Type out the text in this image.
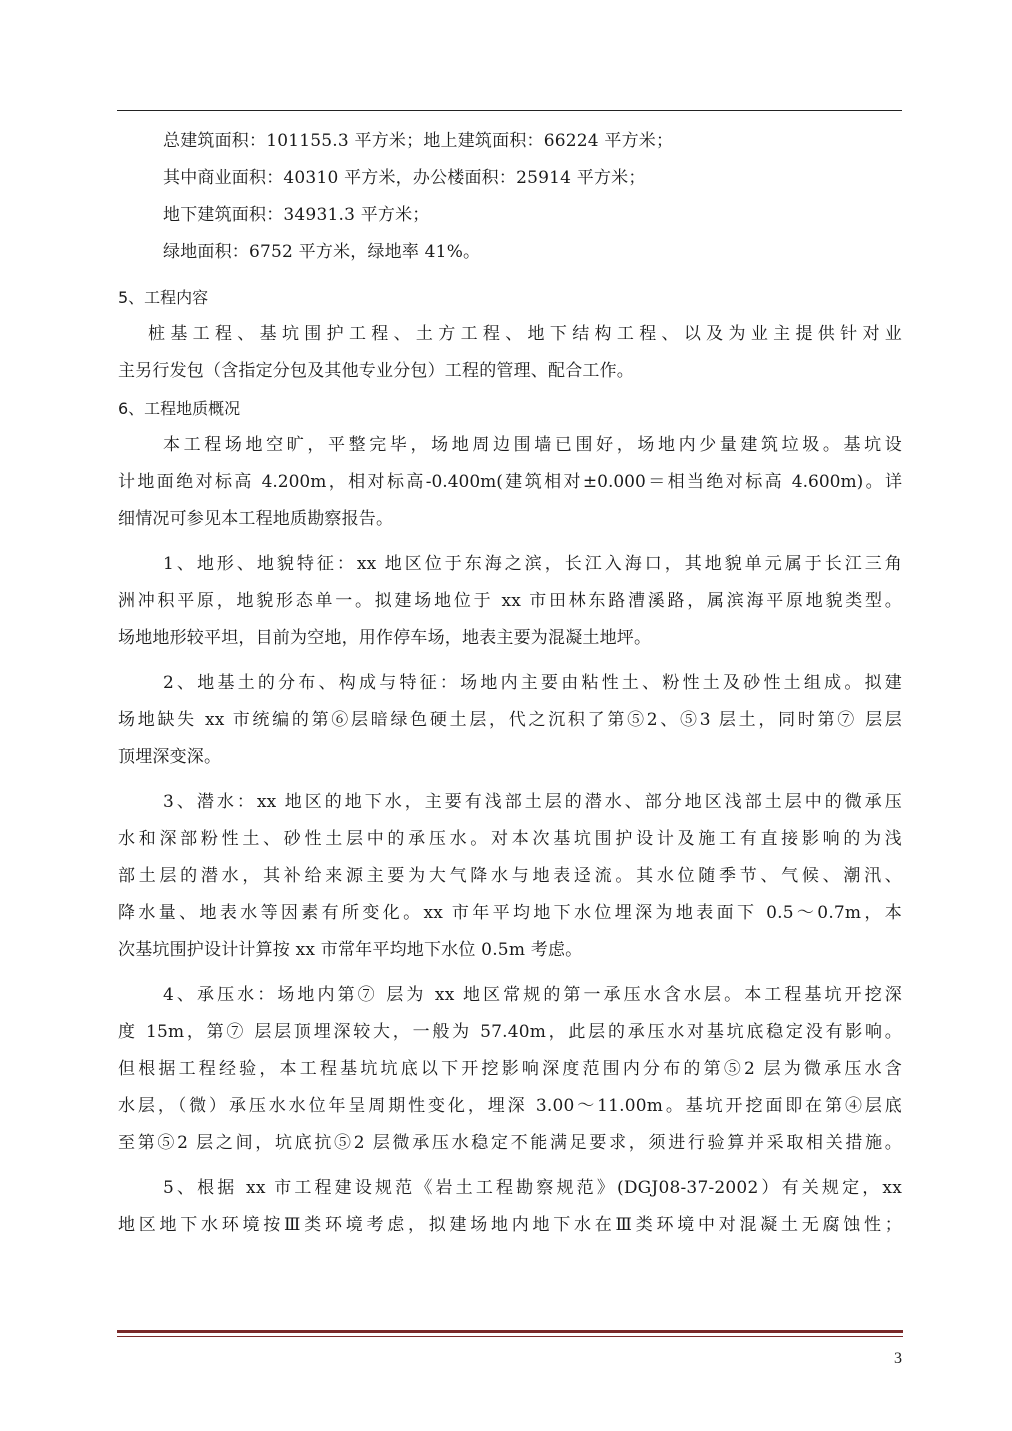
总建筑面积：101155.3 平方米；地上建筑面积：66224 平方米；
其中商业面积：40310 平方米，办公楼面积：25914 平方米；
地下建筑面积：34931.3 平方米；
绿地面积：6752 平方米，绿地率 41%。
5、工程内容
桩基工程、基坑围护工程、土方工程、地下结构工程、以及为业主提供针对业
主另行发包（含指定分包及其他专业分包）工程的管理、配合工作。
6、工程地质概况
本工程场地空旷，平整完毕，场地周边围墙已围好，场地内少量建筑垃圾。基坑设
计地面绝对标高 4.200m，相对标高-0.400m(建筑相对±0.000＝相当绝对标高 4.600m)。详
细情况可参见本工程地质勘察报告。
1、地形、地貌特征：xx 地区位于东海之滨，长江入海口，其地貌单元属于长江三角
洲冲积平原，地貌形态单一。拟建场地位于 xx 市田林东路漕溪路，属滨海平原地貌类型。
场地地形较平坦，目前为空地，用作停车场，地表主要为混凝土地坪。
2、地基土的分布、构成与特征：场地内主要由粘性土、粉性土及砂性土组成。拟建
场地缺失 xx 市统编的第⑥层暗绿色硬土层，代之沉积了第⑤2、⑤3 层土，同时第⑦ 层层
顶埋深变深。
3、潜水：xx 地区的地下水，主要有浅部土层的潜水、部分地区浅部土层中的微承压
水和深部粉性土、砂性土层中的承压水。对本次基坑围护设计及施工有直接影响的为浅
部土层的潜水，其补给来源主要为大气降水与地表迳流。其水位随季节、气候、潮汛、
降水量、地表水等因素有所变化。xx 市年平均地下水位埋深为地表面下 0.5～0.7m，本
次基坑围护设计计算按 xx 市常年平均地下水位 0.5m 考虑。
4、承压水：场地内第⑦ 层为 xx 地区常规的第一承压水含水层。本工程基坑开挖深
度 15m，第⑦ 层层顶埋深较大，一般为 57.40m，此层的承压水对基坑底稳定没有影响。
但根据工程经验，本工程基坑坑底以下开挖影响深度范围内分布的第⑤2 层为微承压水含
水层，（微）承压水水位年呈周期性变化，埋深 3.00～11.00m。基坑开挖面即在第④层底
至第⑤2 层之间，坑底抗⑤2 层微承压水稳定不能满足要求，须进行验算并采取相关措施。
5、根据 xx 市工程建设规范《岩土工程勘察规范》(DGJ08-37-2002）有关规定，xx
地区地下水环境按Ⅲ类环境考虑，拟建场地内地下水在Ⅲ类环境中对混凝土无腐蚀性；
3
